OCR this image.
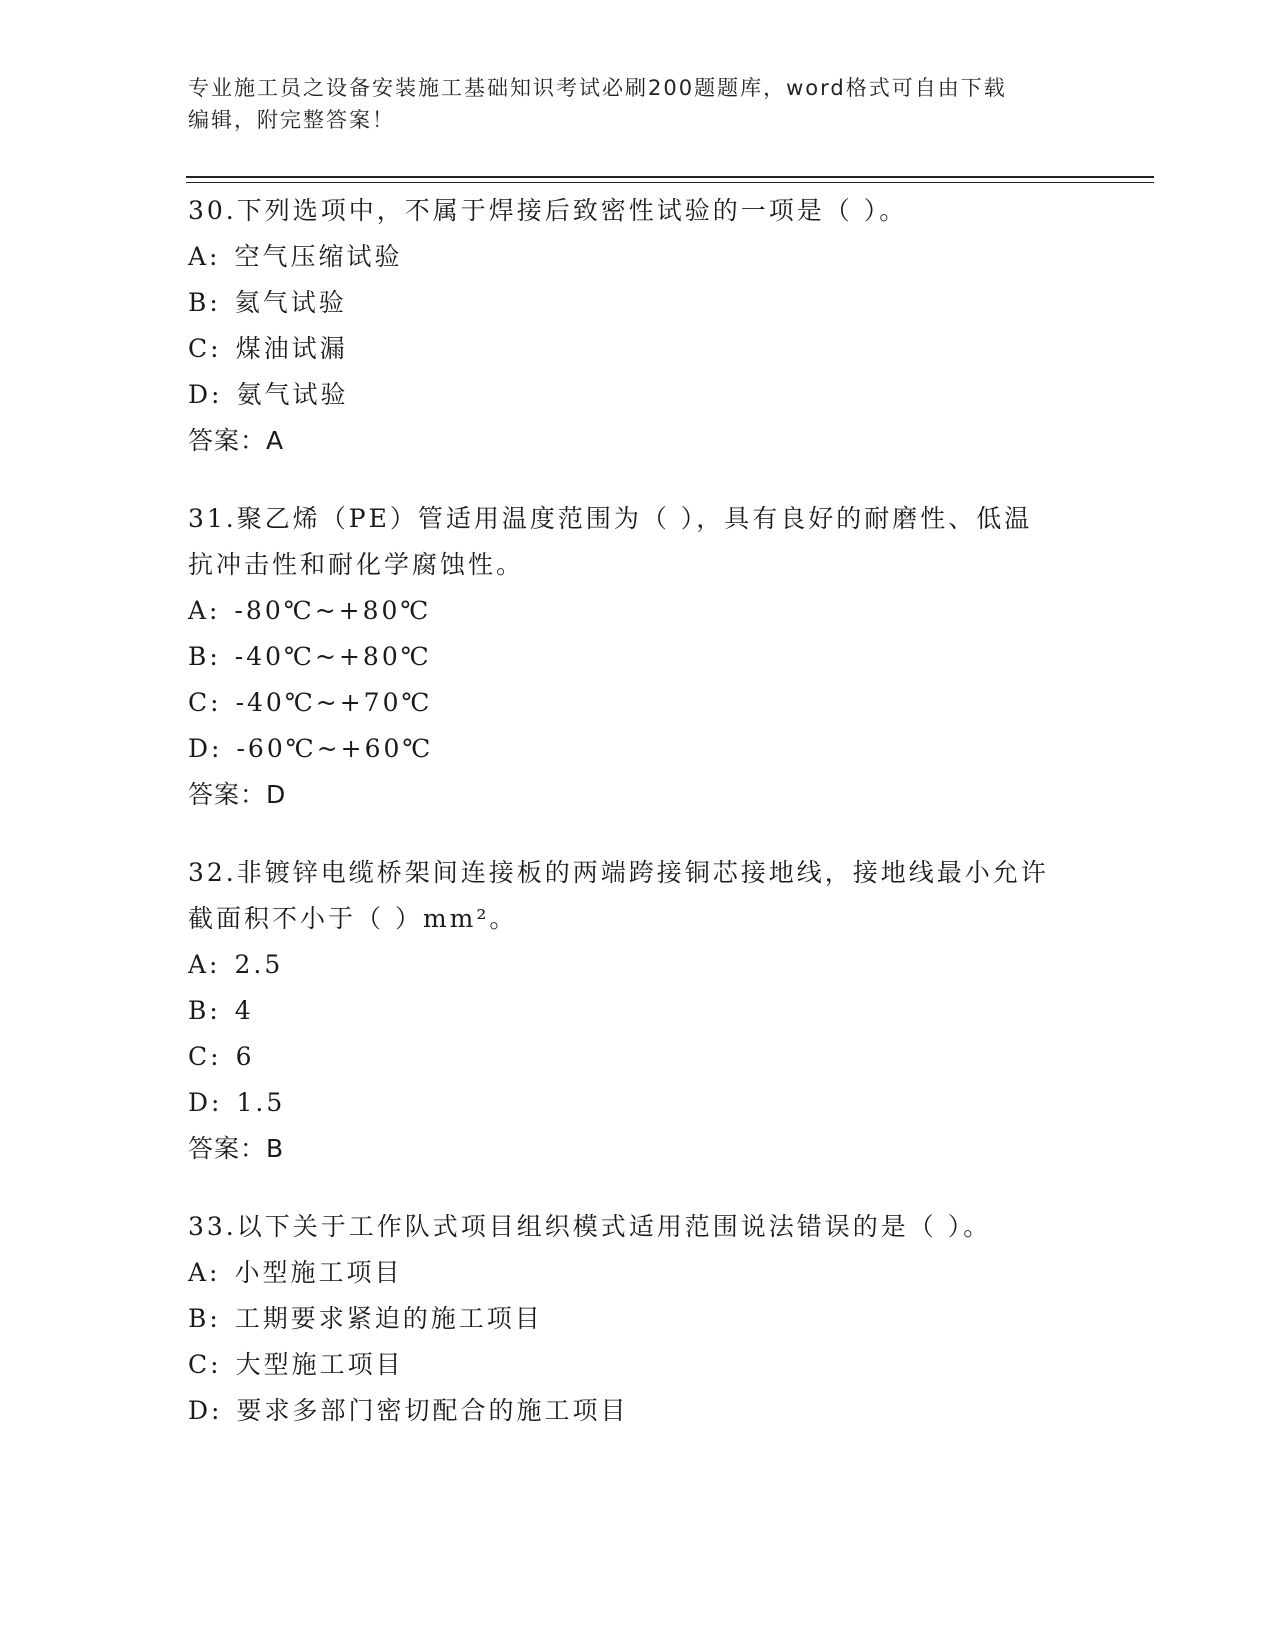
专业施工员之设备安装施工基础知识考试必刷200题题库，word格式可自由下载
编辑，附完整答案！
30.下列选项中，不属于焊接后致密性试验的一项是（ ）。
A: 空气压缩试验
B: 氦气试验
C: 煤油试漏
D: 氨气试验
答案：A
31.聚乙烯（PE）管适用温度范围为（ ），具有良好的耐磨性、低温
抗冲击性和耐化学腐蚀性。
A: -80℃~+80℃
B: -40℃~+80℃
C: -40℃~+70℃
D: -60℃~+60℃
答案：D
32.非镀锌电缆桥架间连接板的两端跨接铜芯接地线，接地线最小允许
截面积不小于（ ）mm²。
A: 2.5
B: 4
C: 6
D: 1.5
答案：B
33.以下关于工作队式项目组织模式适用范围说法错误的是（ ）。
A: 小型施工项目
B: 工期要求紧迫的施工项目
C: 大型施工项目
D: 要求多部门密切配合的施工项目
